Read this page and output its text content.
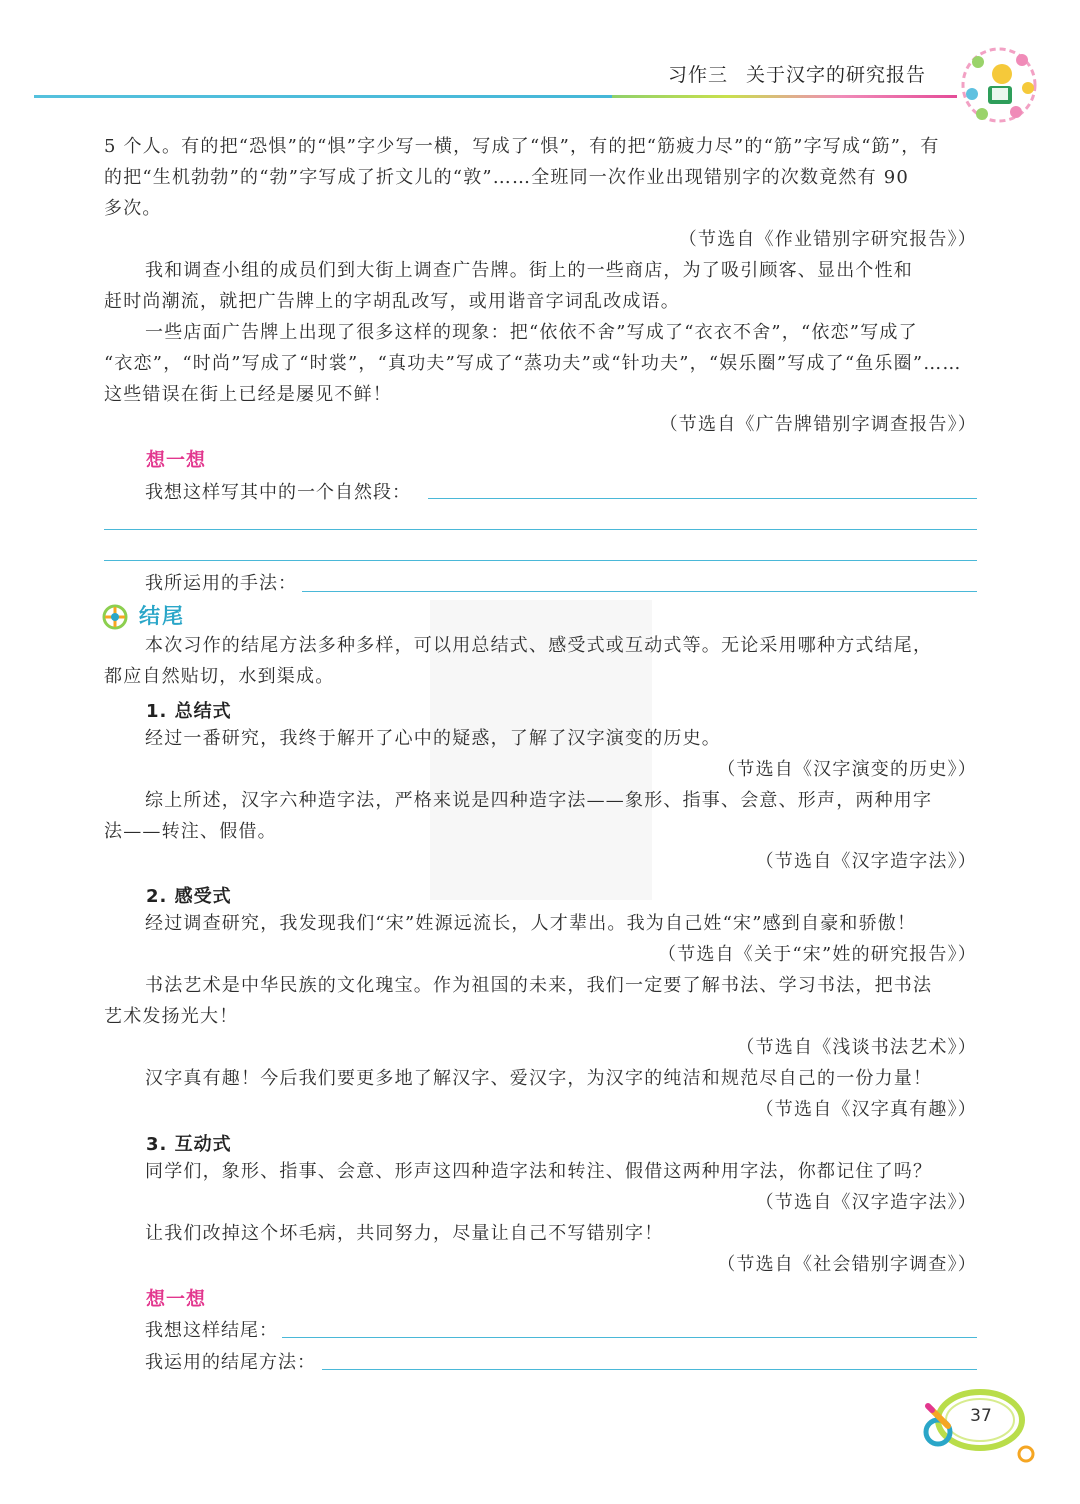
习作三 关于汉字的研究报告
5 个人。有的把“恐惧”的“惧”字少写一横，写成了“惧”，有的把“筋疲力尽”的“筋”字写成“筯”，有
的把“生机勃勃”的“勃”字写成了折文儿的“敦”……全班同一次作业出现错别字的次数竟然有 90
多次。
（节选自《作业错别字研究报告》）
我和调查小组的成员们到大街上调查广告牌。街上的一些商店，为了吸引顾客、显出个性和
赶时尚潮流，就把广告牌上的字胡乱改写，或用谐音字词乱改成语。
一些店面广告牌上出现了很多这样的现象：把“依依不舍”写成了“衣衣不舍”，“依恋”写成了
“衣恋”，“时尚”写成了“时裳”，“真功夫”写成了“蒸功夫”或“针功夫”，“娱乐圈”写成了“鱼乐圈”……
这些错误在街上已经是屡见不鲜！
（节选自《广告牌错别字调查报告》）
想一想
我想这样写其中的一个自然段：
我所运用的手法：
结尾
本次习作的结尾方法多种多样，可以用总结式、感受式或互动式等。无论采用哪种方式结尾，
都应自然贴切，水到渠成。
1. 总结式
经过一番研究，我终于解开了心中的疑惑，了解了汉字演变的历史。
（节选自《汉字演变的历史》）
综上所述，汉字六种造字法，严格来说是四种造字法——象形、指事、会意、形声，两种用字
法——转注、假借。
（节选自《汉字造字法》）
2. 感受式
经过调查研究，我发现我们“宋”姓源远流长，人才辈出。我为自己姓“宋”感到自豪和骄傲！
（节选自《关于“宋”姓的研究报告》）
书法艺术是中华民族的文化瑰宝。作为祖国的未来，我们一定要了解书法、学习书法，把书法
艺术发扬光大！
（节选自《浅谈书法艺术》）
汉字真有趣！今后我们要更多地了解汉字、爱汉字，为汉字的纯洁和规范尽自己的一份力量！
（节选自《汉字真有趣》）
3. 互动式
同学们，象形、指事、会意、形声这四种造字法和转注、假借这两种用字法，你都记住了吗？
（节选自《汉字造字法》）
让我们改掉这个坏毛病，共同努力，尽量让自己不写错别字！
（节选自《社会错别字调查》）
想一想
我想这样结尾：
我运用的结尾方法：
37
